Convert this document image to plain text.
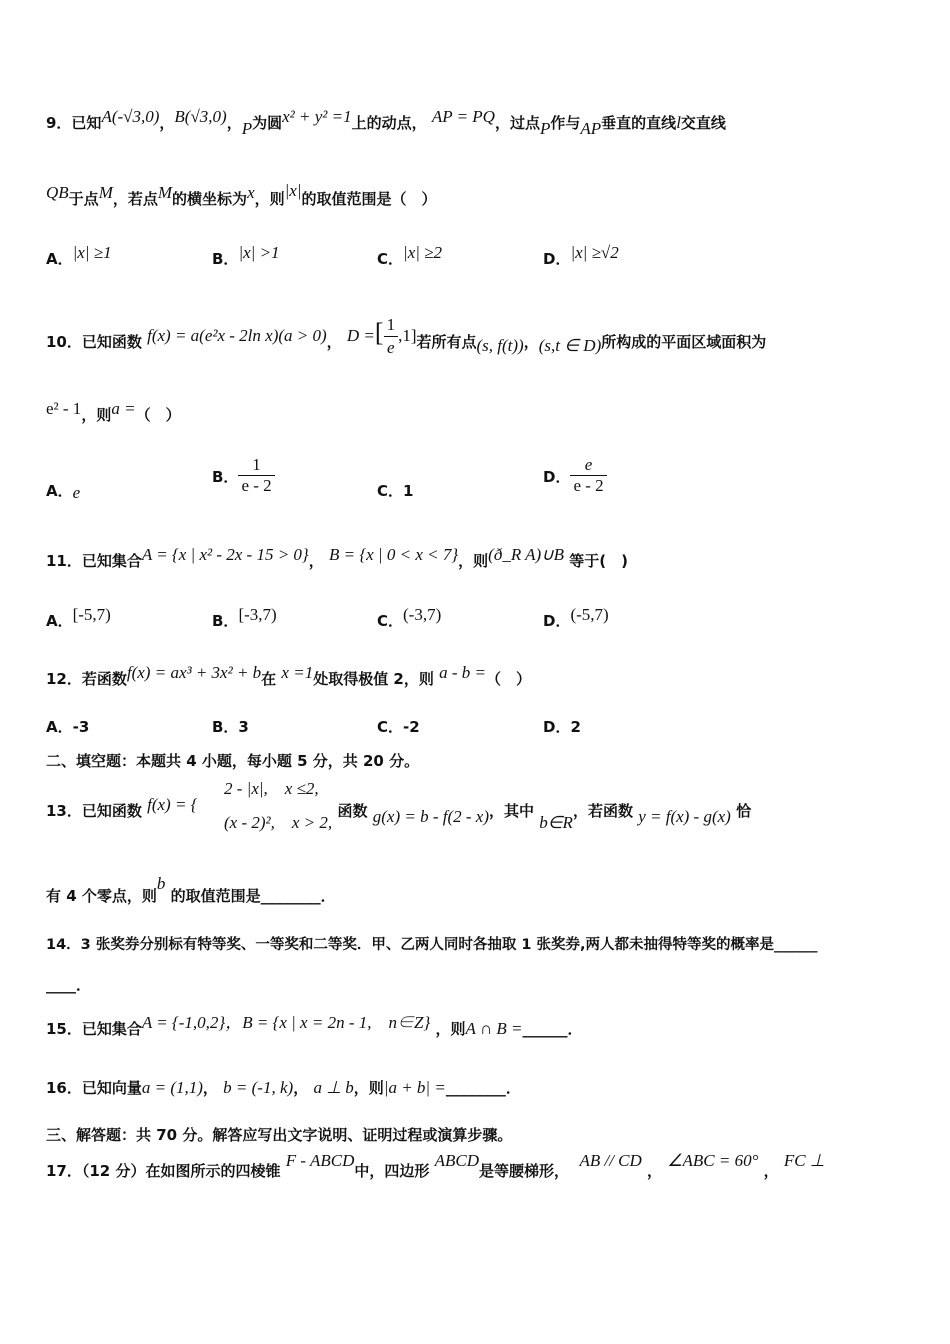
9．已知A(-√3,0)，B(√3,0)，P为圆x² + y² =1上的动点， AP = PQ，过点P作与AP垂直的直线l交直线
QB于点M，若点M的横坐标为x，则|x|的取值范围是（　）
A．|x| ≥1	B．|x| >1	C．|x| ≥2	D．|x| ≥√2
10．已知函数 f(x) = a(e²x - 2ln x)(a > 0)， D =[ $\frac{1}{e} ,1$]若所有点(s, f(t))，(s,t ∈ D)所构成的平面区域面积为
e² - 1，则a =（　）
A．e
B． $\frac{1}{e - 2}$	C．1
D． $\frac{e}{e - 2}$
11．已知集合A = {x | x² - 2x - 15 > 0}， B = {x | 0 < x < 7}，则(ð_R A)∪B 等于(　)
A．[-5,7)	B．[-3,7)	C．(-3,7)	D．(-5,7)
12．若函数f(x) = ax³ + 3x² + b在 x =1处取得极值 2，则 a - b =（　）
A．-3	B．3	C．-2	D．2
二、填空题：本题共 4 小题，每小题 5 分，共 20 分。
2 - |x|,　x ≤2,
(x - 2)²,　x > 2,
13．已知函数 f(x) = {	函数 g(x) = b - f(2 - x)，其中 b∈R，若函数 y = f(x) - g(x) 恰
有 4 个零点，则b 的取值范围是________．
14．3 张奖券分别标有特等奖、一等奖和二等奖．甲、乙两人同时各抽取 1 张奖券,两人都未抽得特等奖的概率是______
____．
15．已知集合A = {-1,0,2}，B = {x | x = 2n - 1,　n∈Z} ，则A ∩ B =______．
16．已知向量a = (1,1)， b = (-1, k)， a ⊥ b，则|a + b| =________．
三、解答题：共 70 分。解答应写出文字说明、证明过程或演算步骤。
17．（12 分）在如图所示的四棱锥 F - ABCD中，四边形 ABCD是等腰梯形，  AB // CD ， ∠ABC = 60° ， FC ⊥
